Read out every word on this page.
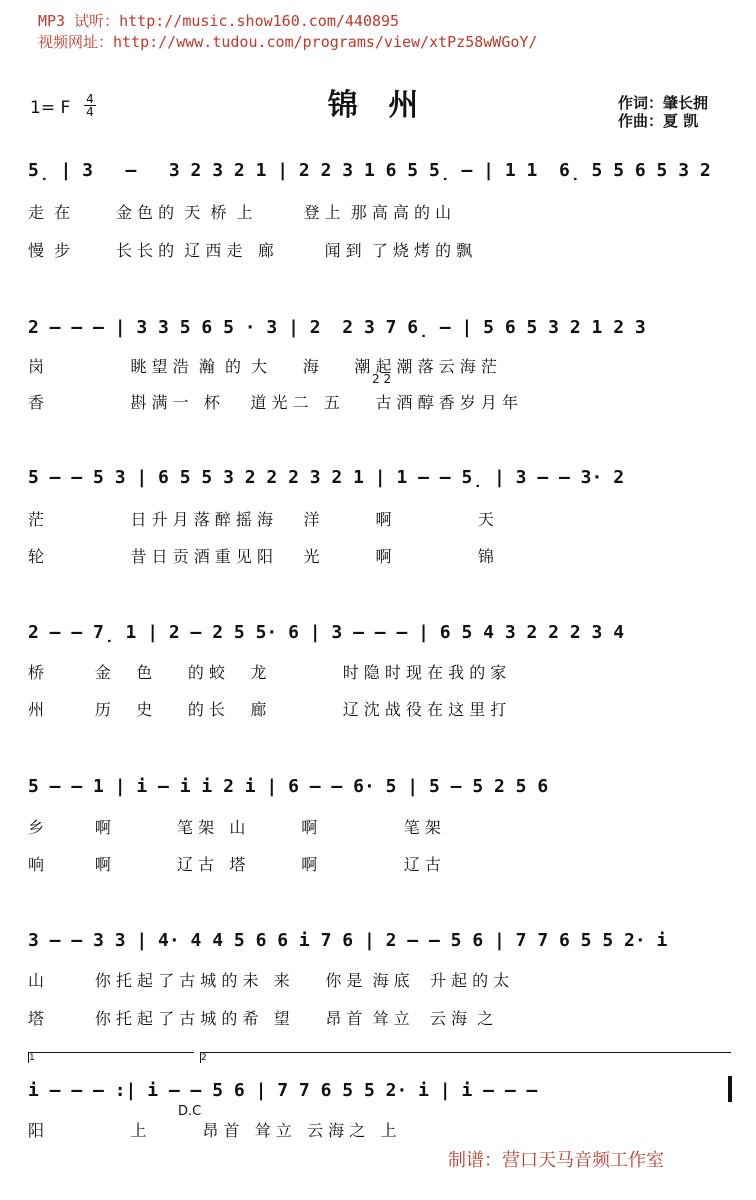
MP3 试听：http://music.show160.com/440895
视频网址：http://www.tudou.com/programs/view/xtPz58wWGoY/
锦 州
1= F $\frac{4}{4}$	作词：肇长拥
作曲：夏 凯
5̣ | 3   –   3 2 3 2 1 | 2 2 3 1 6 5 5̣ – | 1 1  6̣ 5 5 6 5 3 2
走  在         金 色 的  天  桥  上          登 上  那 高 高 的 山
慢  步         长 长 的  辽 西 走   廊          闻 到  了 烧 烤 的 飘
2 – – – | 3 3 5 6 5 · 3 | 2  2 3 7 6̣ – | 5 6 5 3 2 1 2 3
岗                 眺 望 浩  瀚  的  大       海       潮 起 潮 落 云 海 茫
2 2
香                 斟 满 一   杯      道 光 二   五       古 酒 醇 香 岁 月 年
5 – – 5 3 | 6 5 5 3 2 2 2 3 2 1 | 1 – – 5̣ | 3 – – 3· 2
茫                 日 升 月 落 醉 摇 海      洋           啊                 天
轮                 昔 日 贡 酒 重 见 阳      光           啊                 锦
2 – – 7̣ 1 | 2 – 2 5 5· 6 | 3 – – – | 6 5 4 3 2 2 2 3 4
桥          金     色       的 蛟     龙               时 隐 时 现 在 我 的 家
州          历     史       的 长     廊               辽 沈 战 役 在 这 里 打
5 – – 1 | i – i i 2 i | 6 – – 6· 5 | 5 – 5 2 5 6
乡          啊             笔 架   山           啊                 笔 架
响          啊             辽 古   塔           啊                 辽 古
3 – – 3 3 | 4· 4 4 5 6 6 i 7 6 | 2 – – 5 6 | 7 7 6 5 5 2· i
山          你 托 起 了 古 城 的 未   来       你 是  海 底    升 起 的 太
塔          你 托 起 了 古 城 的 希   望       昂 首  耸 立    云 海  之
1	2
i – – – :| i – – 5 6 | 7 7 6 5 5 2· i | i – – –
D.C
阳                 上           昂 首   耸 立   云 海 之   上
制谱：营口天马音频工作室
